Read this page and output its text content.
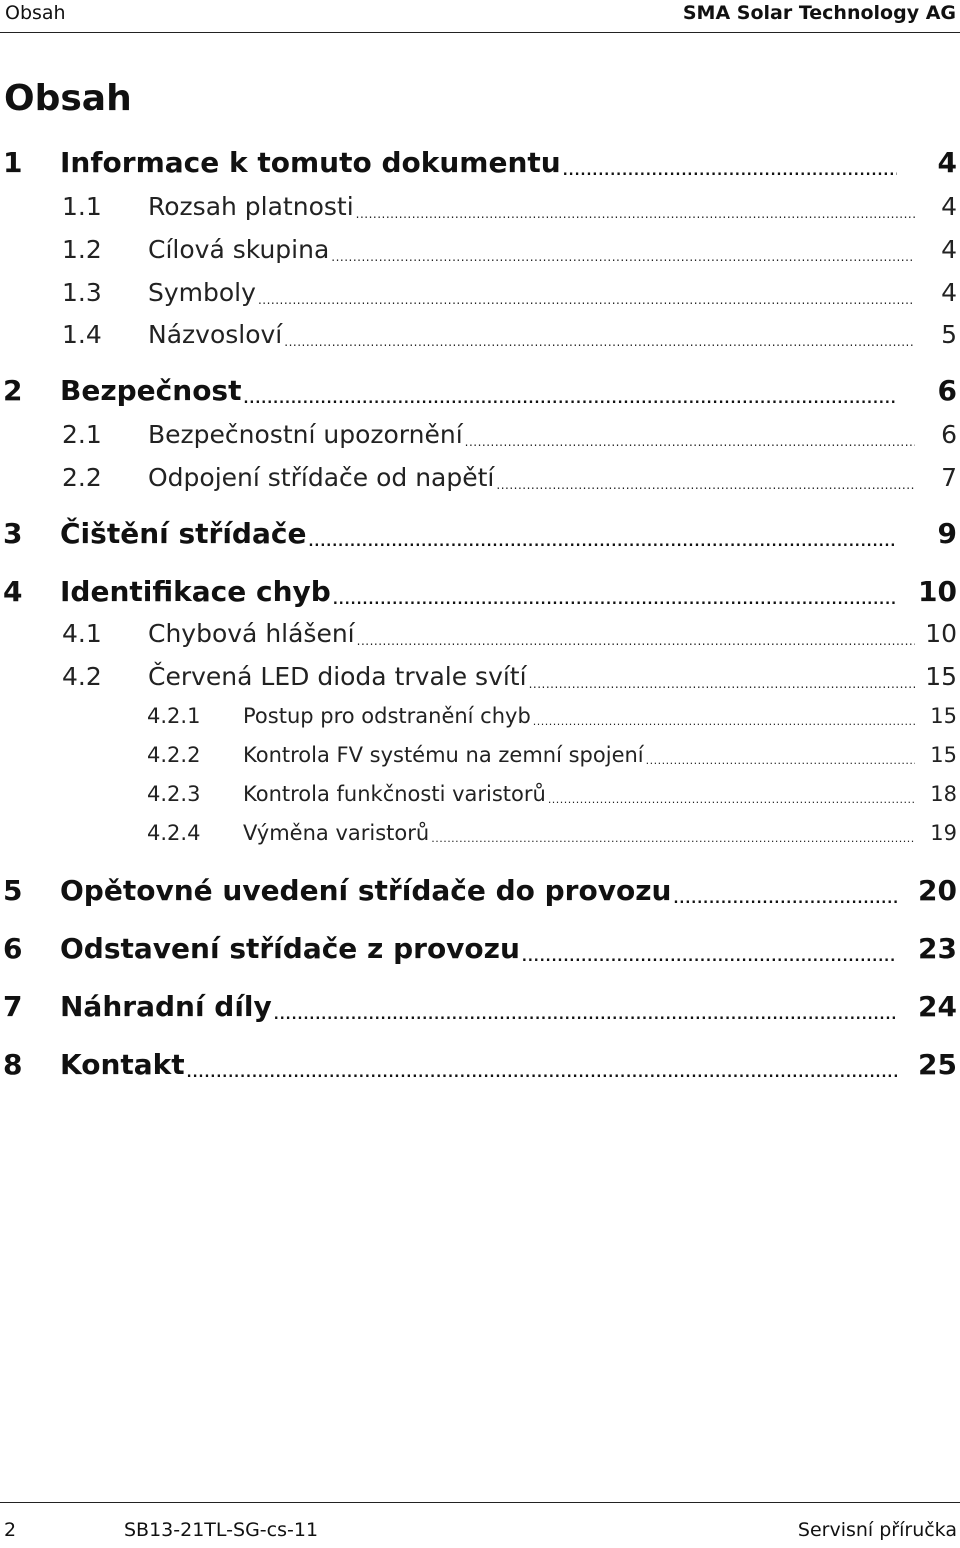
Obsah	SMA Solar Technology AG
Obsah
1 Informace k tomuto dokumentu .....	4
1.1 Rozsah platnosti .....	4
1.2 Cílová skupina .....	4
1.3 Symboly .....	4
1.4 Názvosloví .....	5
2 Bezpečnost .....	6
2.1 Bezpečnostní upozornění .....	6
2.2 Odpojení střídače od napětí .....	7
3 Čištění střídače .....	9
4 Identifikace chyb .....	10
4.1 Chybová hlášení .....	10
4.2 Červená LED dioda trvale svítí .....	15
4.2.1 Postup pro odstranění chyb .....	15
4.2.2 Kontrola FV systému na zemní spojení .....	15
4.2.3 Kontrola funkčnosti varistorů .....	18
4.2.4 Výměna varistorů .....	19
5 Opětovné uvedení střídače do provozu .....	20
6 Odstavení střídače z provozu .....	23
7 Náhradní díly .....	24
8 Kontakt .....	25
2	SB13-21TL-SG-cs-11	Servisní příručka
